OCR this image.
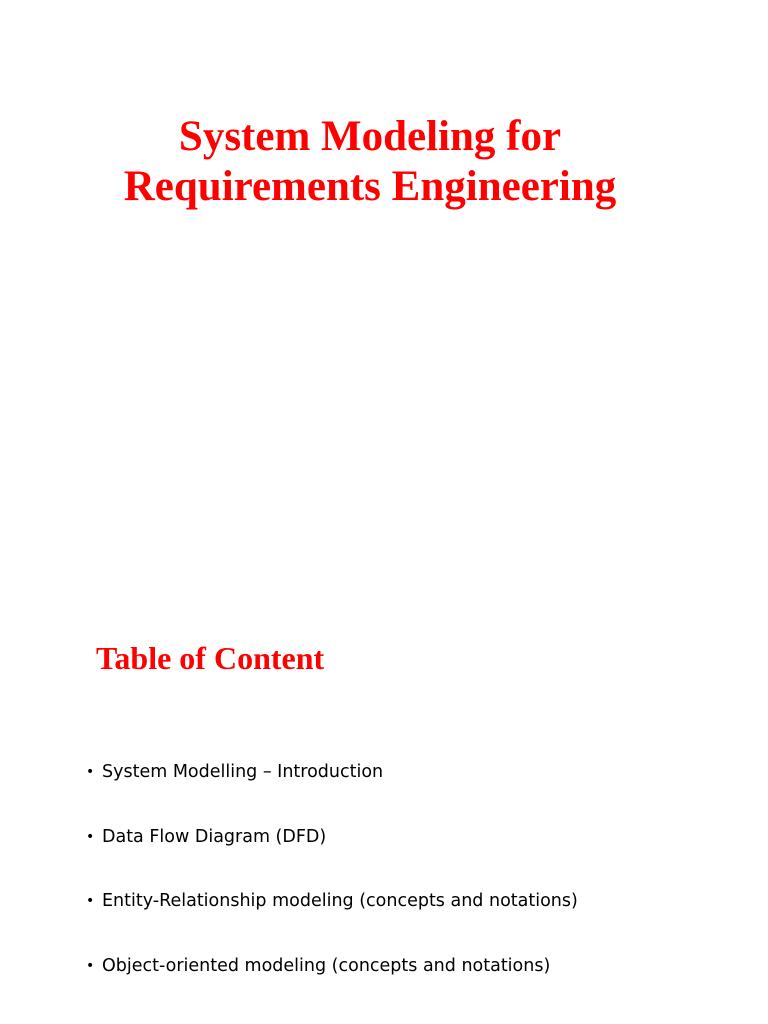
System Modeling for
Requirements Engineering
Table of Content
• System Modelling – Introduction
• Data Flow Diagram (DFD)
• Entity-Relationship modeling (concepts and notations)
• Object-oriented modeling (concepts and notations)
